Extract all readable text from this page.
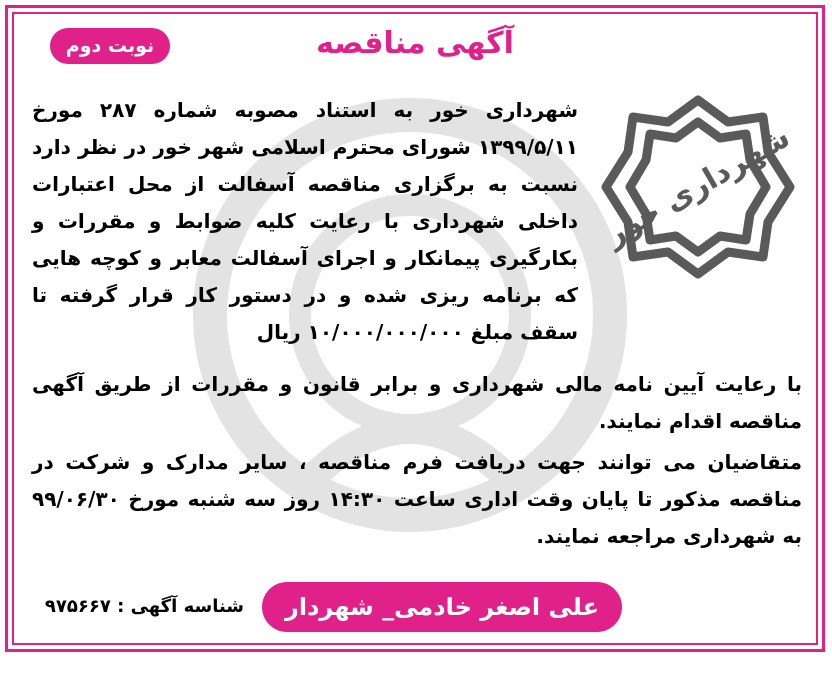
آگهی مناقصه
نوبت دوم
شهرداری خور
شهرداری خور به استناد مصوبه شماره ۲۸۷ مورخ ۱۳۹۹/۵/۱۱ شورای محترم اسلامی شهر خور در نظر دارد نسبت به برگزاری مناقصه آسفالت از محل اعتبارات داخلی شهرداری با رعایت کلیه ضوابط و مقررات و بکارگیری پیمانکار و اجرای آسفالت معابر و کوچه هایی که برنامه ریزی شده و در دستور کار قرار گرفته تا سقف مبلغ ۱۰/۰۰۰/۰۰۰/۰۰۰ ریال
با رعایت آیین نامه مالی شهرداری و برابر قانون و مقررات از طریق آگهی مناقصه اقدام نمایند.
متقاضیان می توانند جهت دریافت فرم مناقصه ، سایر مدارک و شرکت در مناقصه مذکور تا پایان وقت اداری ساعت ۱۴:۳۰ روز سه شنبه مورخ ۹۹/۰۶/۳۰ به شهرداری مراجعه نمایند.
علی اصغر خادمی_ شهردار خور
شناسه آگهی : ۹۷۵۶۶۷
